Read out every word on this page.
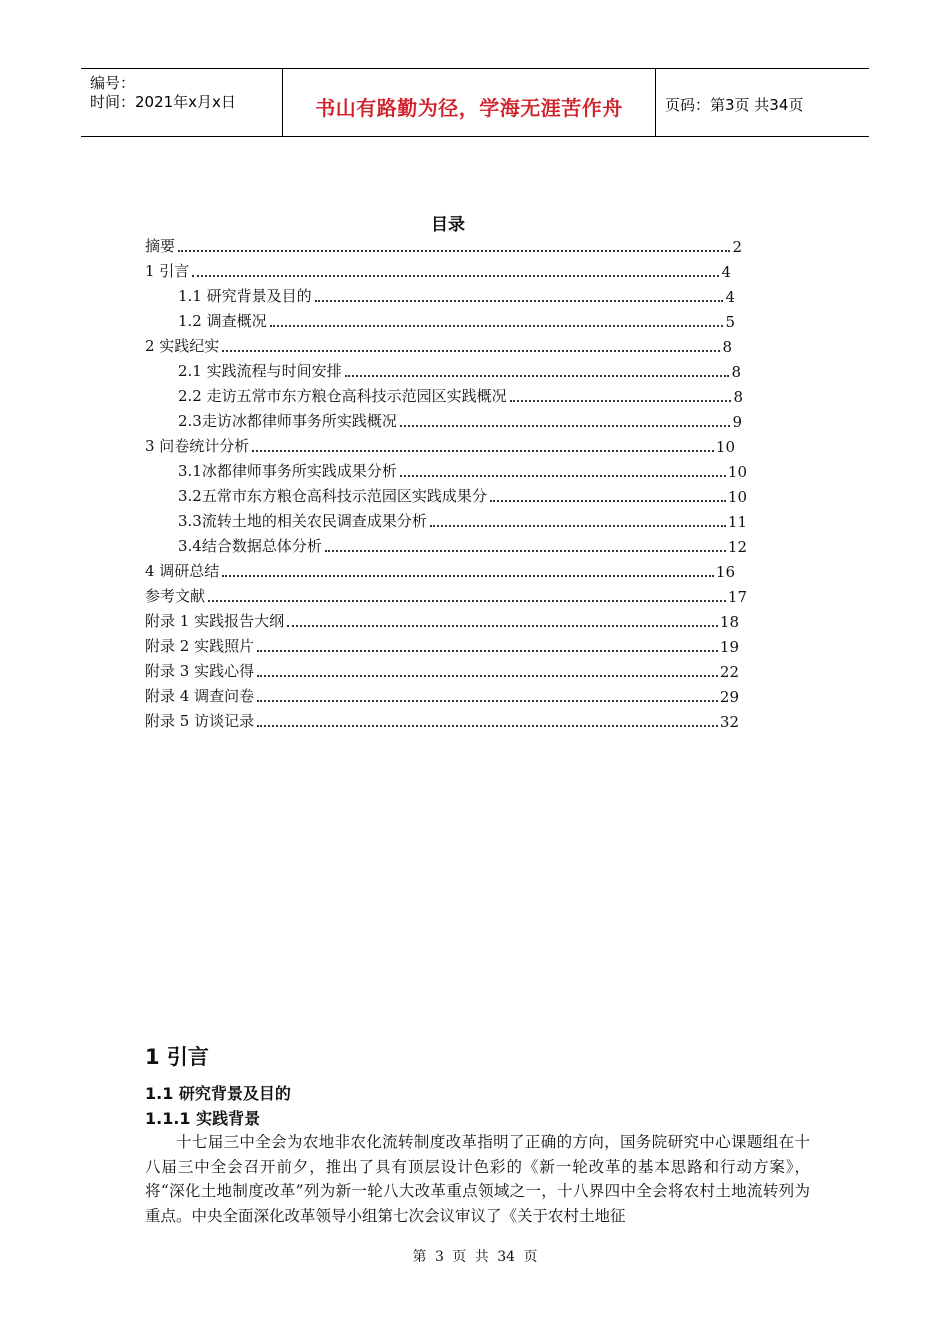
编号：
时间：2021年x月x日	书山有路勤为径，学海无涯苦作舟	页码：第3页 共34页
目录
摘要	2
1 引言	4
1.1 研究背景及目的	4
1.2 调查概况	5
2 实践纪实	8
2.1 实践流程与时间安排	8
2.2 走访五常市东方粮仓高科技示范园区实践概况	8
2.3走访冰都律师事务所实践概况	9
3 问卷统计分析	10
3.1冰都律师事务所实践成果分析	10
3.2五常市东方粮仓高科技示范园区实践成果分	10
3.3流转土地的相关农民调查成果分析	11
3.4结合数据总体分析	12
4 调研总结	16
参考文献	17
附录 1 实践报告大纲	18
附录 2 实践照片	19
附录 3 实践心得	22
附录 4 调查问卷	29
附录 5 访谈记录	32
1 引言
1.1 研究背景及目的
1.1.1 实践背景
十七届三中全会为农地非农化流转制度改革指明了正确的方向，国务院研究中心课题组在十八届三中全会召开前夕，推出了具有顶层设计色彩的《新一轮改革的基本思路和行动方案》，将“深化土地制度改革”列为新一轮八大改革重点领域之一，十八界四中全会将农村土地流转列为重点。中央全面深化改革领导小组第七次会议审议了《关于农村土地征
第 3 页 共 34 页
